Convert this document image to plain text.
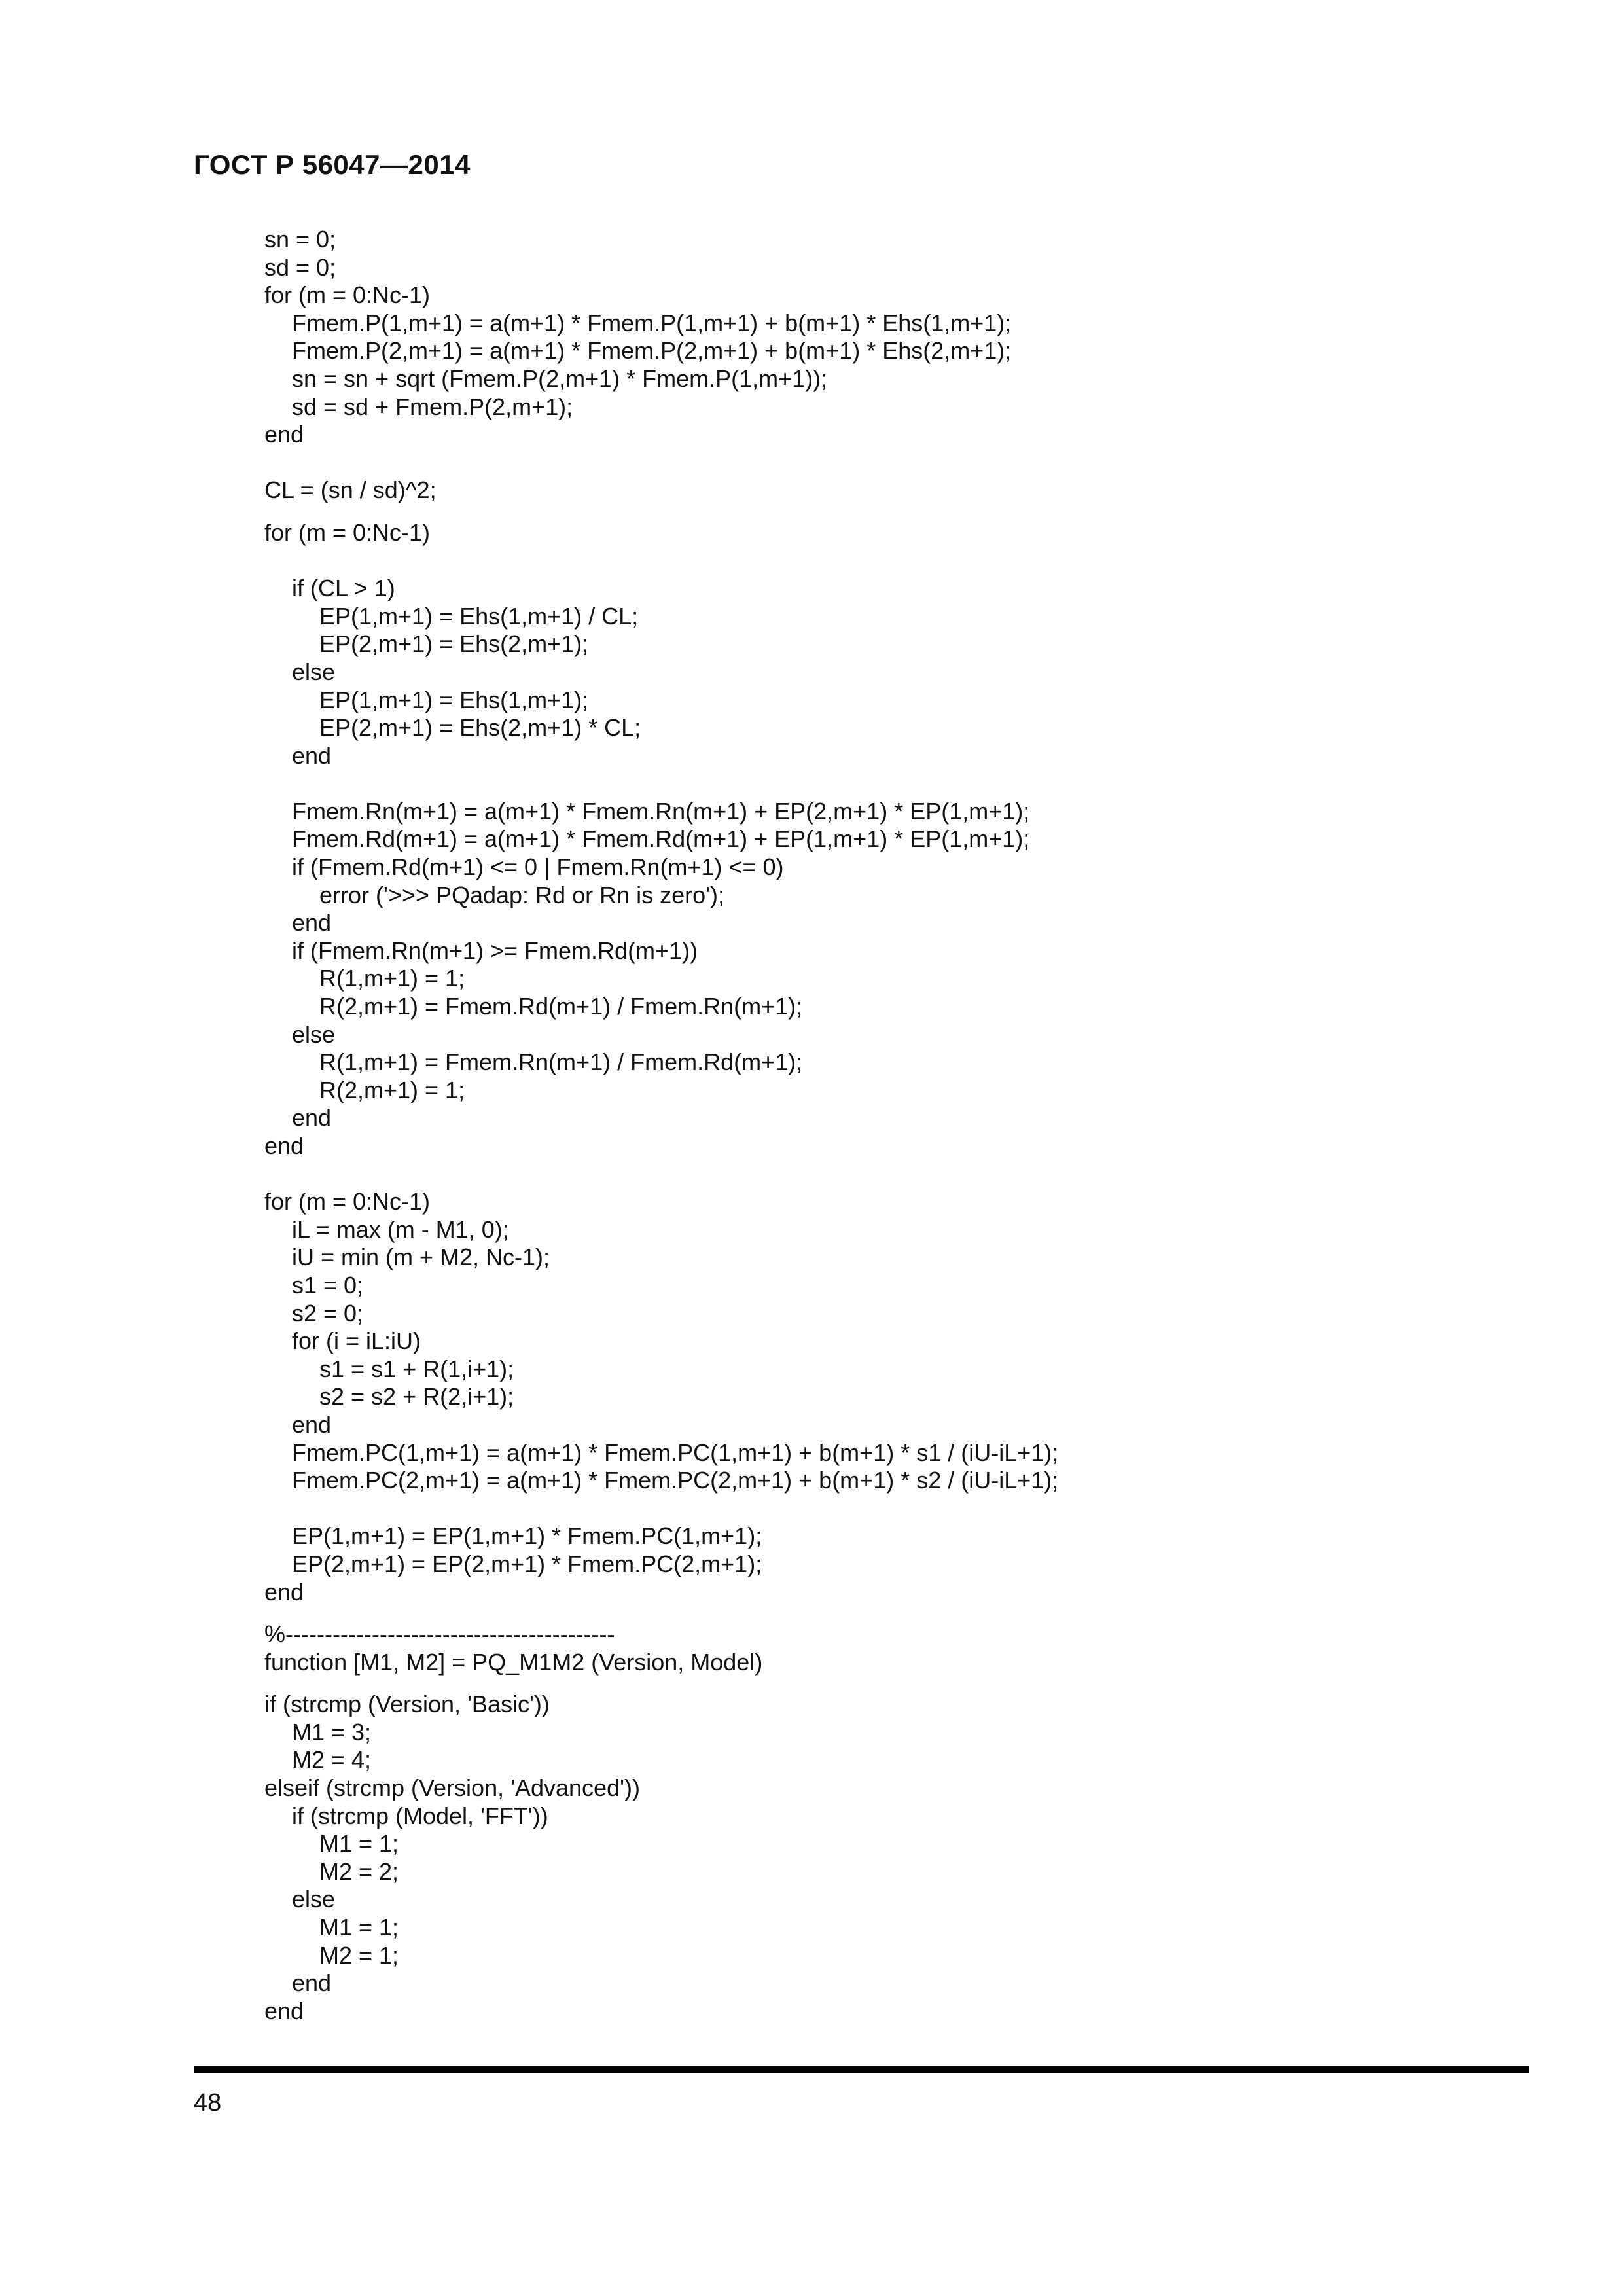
ГОСТ Р 56047—2014
sn = 0;
sd = 0;
for (m = 0:Nc-1)
Fmem.P(1,m+1) = a(m+1) * Fmem.P(1,m+1) + b(m+1) * Ehs(1,m+1);
Fmem.P(2,m+1) = a(m+1) * Fmem.P(2,m+1) + b(m+1) * Ehs(2,m+1);
sn = sn + sqrt (Fmem.P(2,m+1) * Fmem.P(1,m+1));
sd = sd + Fmem.P(2,m+1);
end
CL = (sn / sd)^2;
for (m = 0:Nc-1)
if (CL > 1)
EP(1,m+1) = Ehs(1,m+1) / CL;
EP(2,m+1) = Ehs(2,m+1);
else
EP(1,m+1) = Ehs(1,m+1);
EP(2,m+1) = Ehs(2,m+1) * CL;
end
Fmem.Rn(m+1) = a(m+1) * Fmem.Rn(m+1) + EP(2,m+1) * EP(1,m+1);
Fmem.Rd(m+1) = a(m+1) * Fmem.Rd(m+1) + EP(1,m+1) * EP(1,m+1);
if (Fmem.Rd(m+1) <= 0 | Fmem.Rn(m+1) <= 0)
error ('>>> PQadap: Rd or Rn is zero');
end
if (Fmem.Rn(m+1) >= Fmem.Rd(m+1))
R(1,m+1) = 1;
R(2,m+1) = Fmem.Rd(m+1) / Fmem.Rn(m+1);
else
R(1,m+1) = Fmem.Rn(m+1) / Fmem.Rd(m+1);
R(2,m+1) = 1;
end
end
for (m = 0:Nc-1)
iL = max (m - M1, 0);
iU = min (m + M2, Nc-1);
s1 = 0;
s2 = 0;
for (i = iL:iU)
s1 = s1 + R(1,i+1);
s2 = s2 + R(2,i+1);
end
Fmem.PC(1,m+1) = a(m+1) * Fmem.PC(1,m+1) + b(m+1) * s1 / (iU-iL+1);
Fmem.PC(2,m+1) = a(m+1) * Fmem.PC(2,m+1) + b(m+1) * s2 / (iU-iL+1);
EP(1,m+1) = EP(1,m+1) * Fmem.PC(1,m+1);
EP(2,m+1) = EP(2,m+1) * Fmem.PC(2,m+1);
end
%------------------------------------------
function [M1, M2] = PQ_M1M2 (Version, Model)
if (strcmp (Version, 'Basic'))
M1 = 3;
M2 = 4;
elseif (strcmp (Version, 'Advanced'))
if (strcmp (Model, 'FFT'))
M1 = 1;
M2 = 2;
else
M1 = 1;
M2 = 1;
end
end
48
